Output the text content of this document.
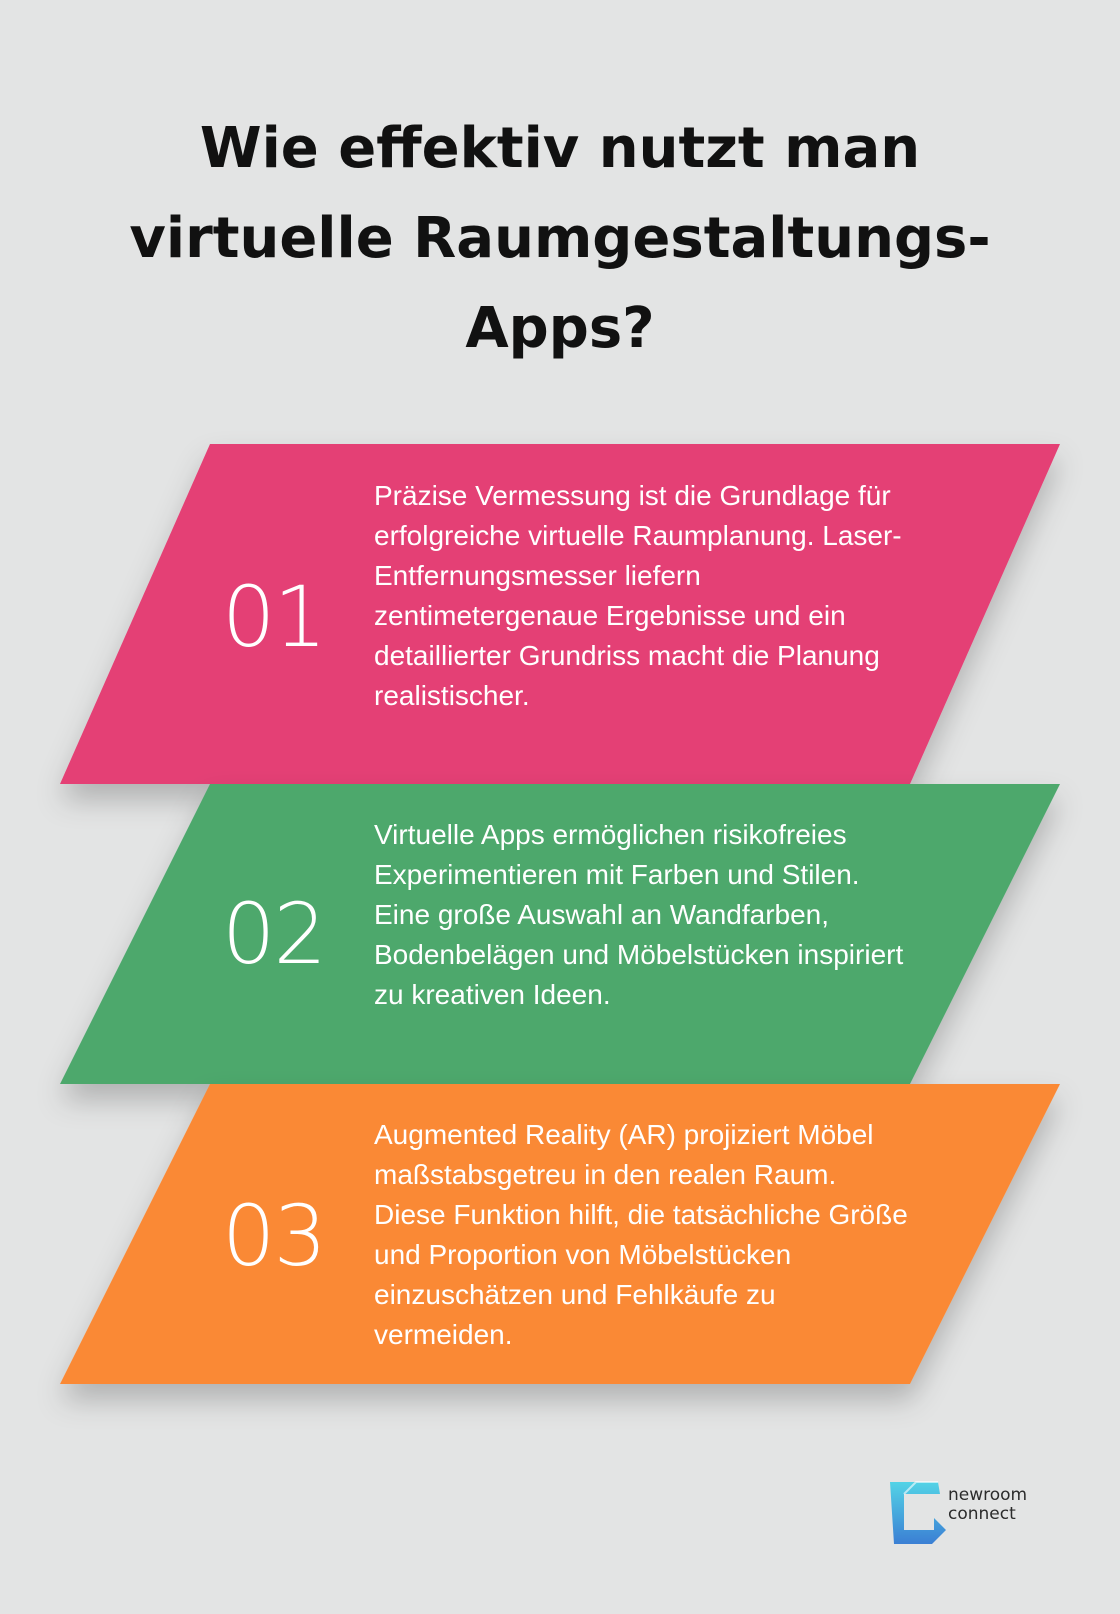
Wie effektiv nutzt man virtuelle Raumgestaltungs-Apps?
01

Präzise Vermessung ist die Grundlage für erfolgreiche virtuelle Raumplanung. Laser-Entfernungsmesser liefern zentimetergenaue Ergebnisse und ein detaillierter Grundriss macht die Planung realistischer.

02

Virtuelle Apps ermöglichen risikofreies Experimentieren mit Farben und Stilen. Eine große Auswahl an Wandfarben, Bodenbelägen und Möbelstücken inspiriert zu kreativen Ideen.

03

Augmented Reality (AR) projiziert Möbel maßstabsgetreu in den realen Raum. Diese Funktion hilft, die tatsächliche Größe und Proportion von Möbelstücken einzuschätzen und Fehlkäufe zu vermeiden.

newroom
connect
